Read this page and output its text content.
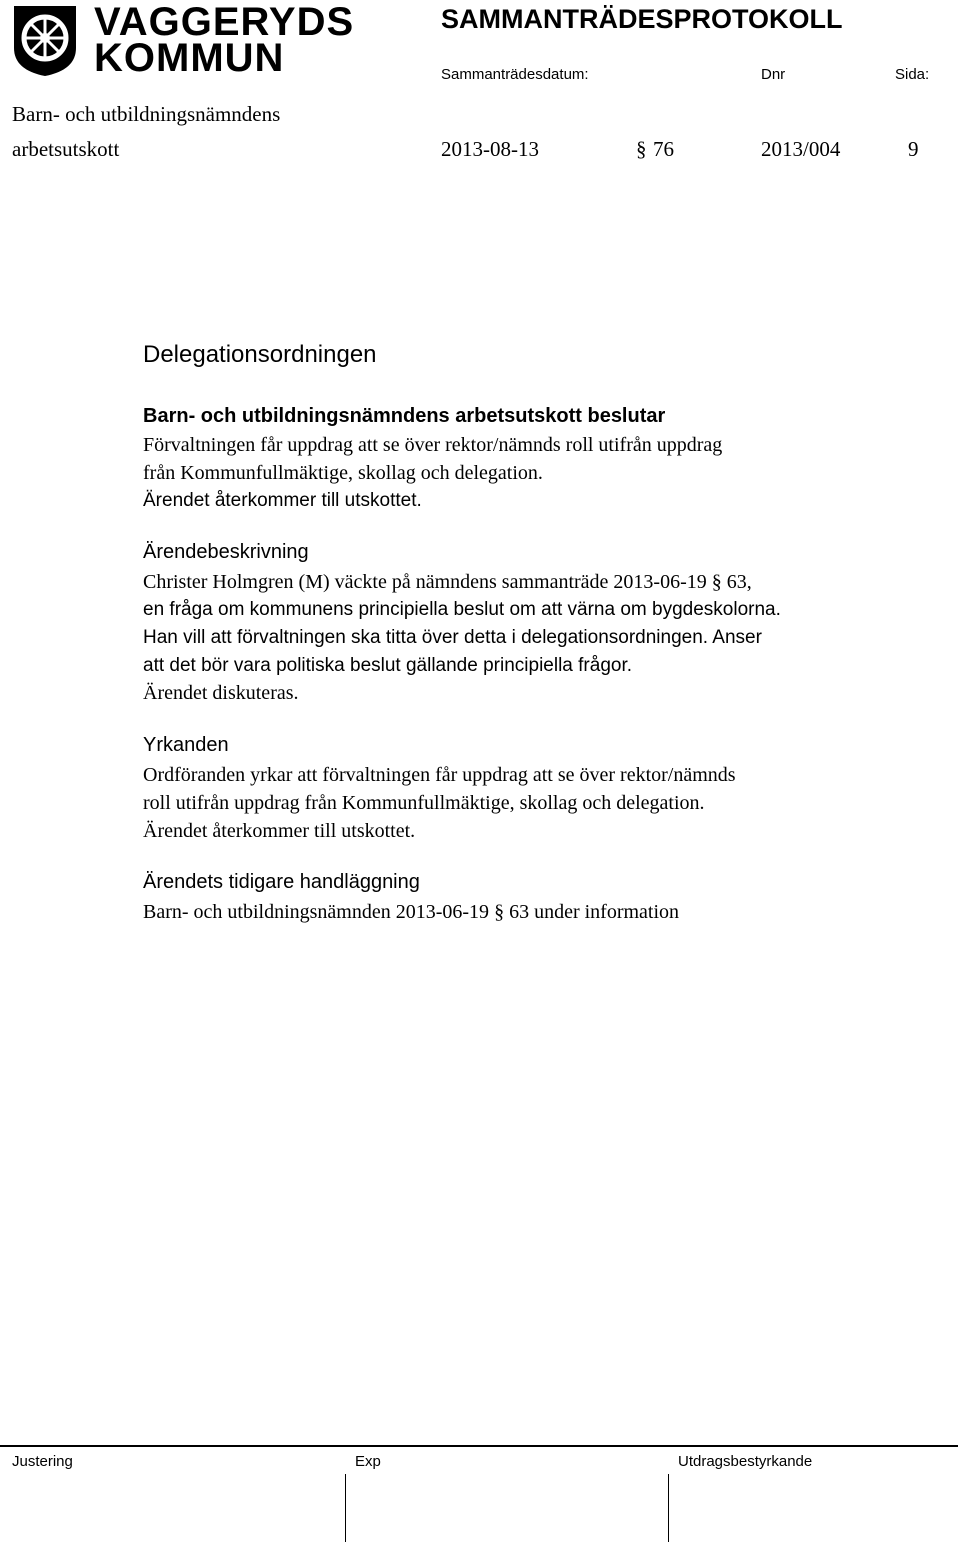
VAGGERYDS
KOMMUN
SAMMANTRÄDESPROTOKOLL
Sammanträdesdatum:	Dnr	Sida:
Barn- och utbildningsnämndens
arbetsutskott	2013-08-13	§ 76	2013/004	9
Delegationsordningen
Barn- och utbildningsnämndens arbetsutskott beslutar
Förvaltningen får uppdrag att se över rektor/nämnds roll utifrån uppdrag
från Kommunfullmäktige, skollag och delegation.
Ärendet återkommer till utskottet.
Ärendebeskrivning
Christer Holmgren (M) väckte på nämndens sammanträde 2013-06-19 § 63,
en fråga om kommunens principiella beslut om att värna om bygdeskolorna.
Han vill att förvaltningen ska titta över detta i delegationsordningen. Anser
att det bör vara politiska beslut gällande principiella frågor.
Ärendet diskuteras.
Yrkanden
Ordföranden yrkar att förvaltningen får uppdrag att se över rektor/nämnds
roll utifrån uppdrag från Kommunfullmäktige, skollag och delegation.
Ärendet återkommer till utskottet.
Ärendets tidigare handläggning
Barn- och utbildningsnämnden 2013-06-19 § 63 under information
Justering	Exp	Utdragsbestyrkande
